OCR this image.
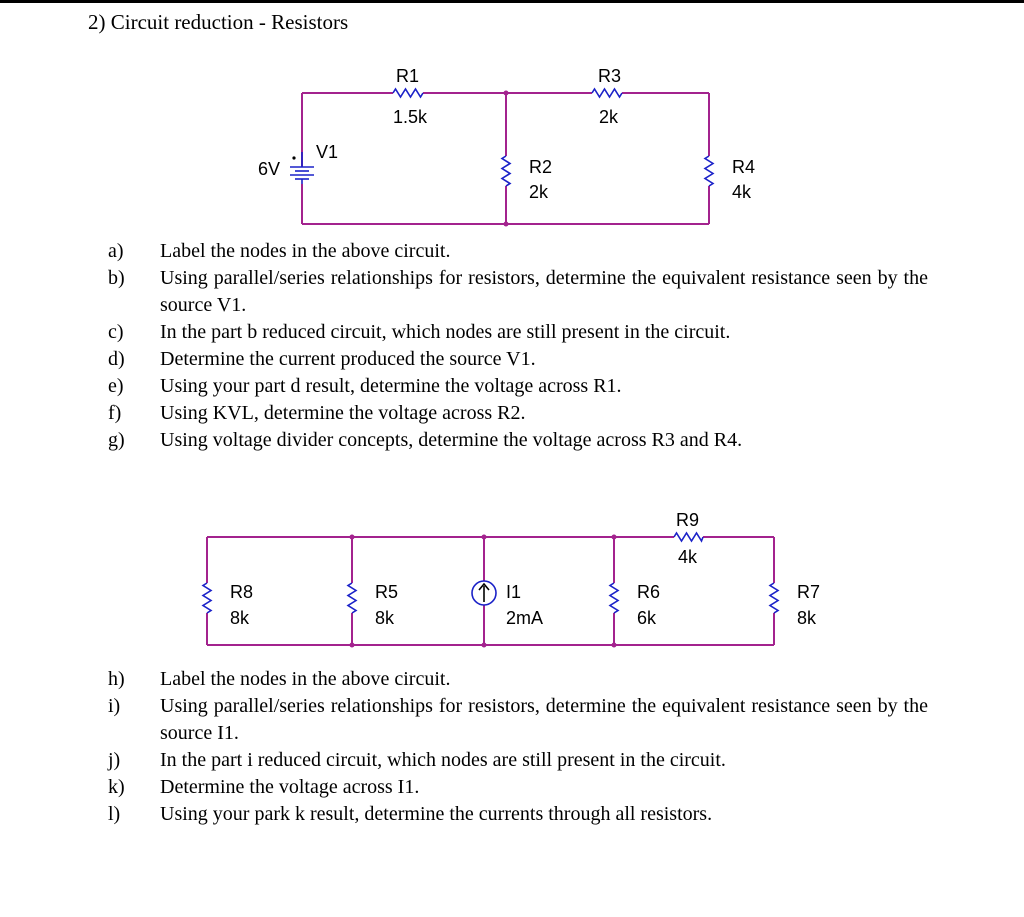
2) Circuit reduction - Resistors
V1
6V
R1
1.5k
R3
2k
R2
2k
R4
4k
R8
8k
R5
8k
I1
2mA
R6
6k
R9
4k
R7
8k
a)	Label the nodes in the above circuit.
b)	Using parallel/series relationships for resistors, determine the equivalent resistance seen by the source V1.
c)	In the part b reduced circuit, which nodes are still present in the circuit.
d)	Determine the current produced the source V1.
e)	Using your part d result, determine the voltage across R1.
f)	Using KVL, determine the voltage across R2.
g)	Using voltage divider concepts, determine the voltage across R3 and R4.
h)	Label the nodes in the above circuit.
i)	Using parallel/series relationships for resistors, determine the equivalent resistance seen by the source I1.
j)	In the part i reduced circuit, which nodes are still present in the circuit.
k)	Determine the voltage across I1.
l)	Using your park k result, determine the currents through all resistors.
